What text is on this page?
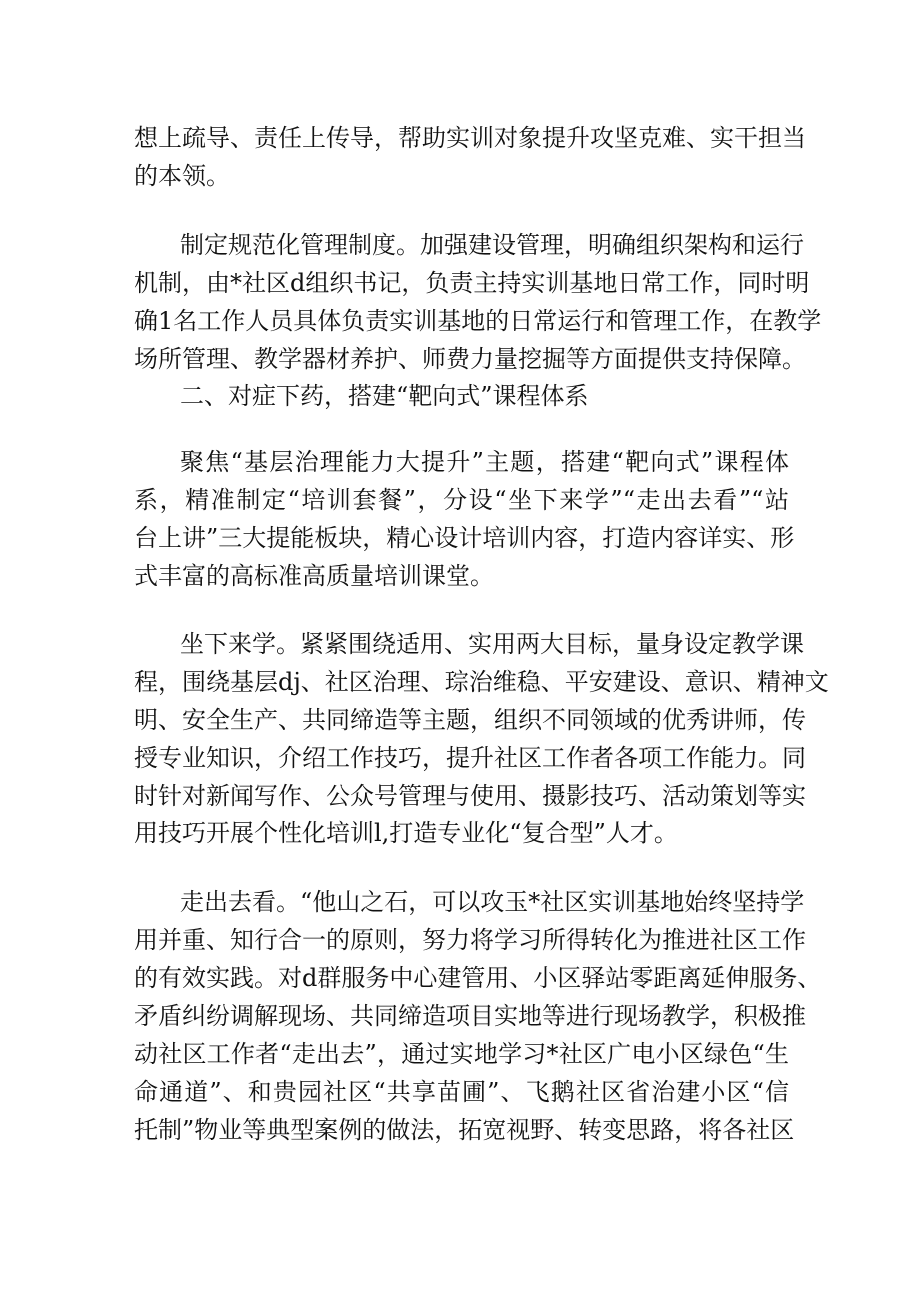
想上疏导、责任上传导，帮助实训对象提升攻坚克难、实干担当
的本领。
制定规范化管理制度。加强建设管理，明确组织架构和运行
机制，由*社区d组织书记，负责主持实训基地日常工作，同时明
确1名工作人员具体负责实训基地的日常运行和管理工作，在教学
场所管理、教学器材养护、师费力量挖掘等方面提供支持保障。
二、对症下药，搭建“靶向式”课程体系
聚焦“基层治理能力大提升”主题，搭建“靶向式”课程体
系，精准制定“培训套餐”，分设“坐下来学”“走出去看”“站
台上讲”三大提能板块，精心设计培训内容，打造内容详实、形
式丰富的高标准高质量培训课堂。
坐下来学。紧紧围绕适用、实用两大目标，量身设定教学课
程，围绕基层dj、社区治理、琮治维稳、平安建设、意识、精神文
明、安全生产、共同缔造等主题，组织不同领域的优秀讲师，传
授专业知识，介绍工作技巧，提升社区工作者各项工作能力。同
时针对新闻写作、公众号管理与使用、摄影技巧、活动策划等实
用技巧开展个性化培训l,打造专业化“复合型”人才。
走出去看。“他山之石，可以攻玉*社区实训基地始终坚持学
用并重、知行合一的原则，努力将学习所得转化为推进社区工作
的有效实践。对d群服务中心建管用、小区驿站零距离延伸服务、
矛盾纠纷调解现场、共同缔造项目实地等进行现场教学，积极推
动社区工作者“走出去”，通过实地学习*社区广电小区绿色“生
命通道”、和贵园社区“共享苗圃”、飞鹅社区省治建小区“信
托制”物业等典型案例的做法，拓宽视野、转变思路，将各社区
